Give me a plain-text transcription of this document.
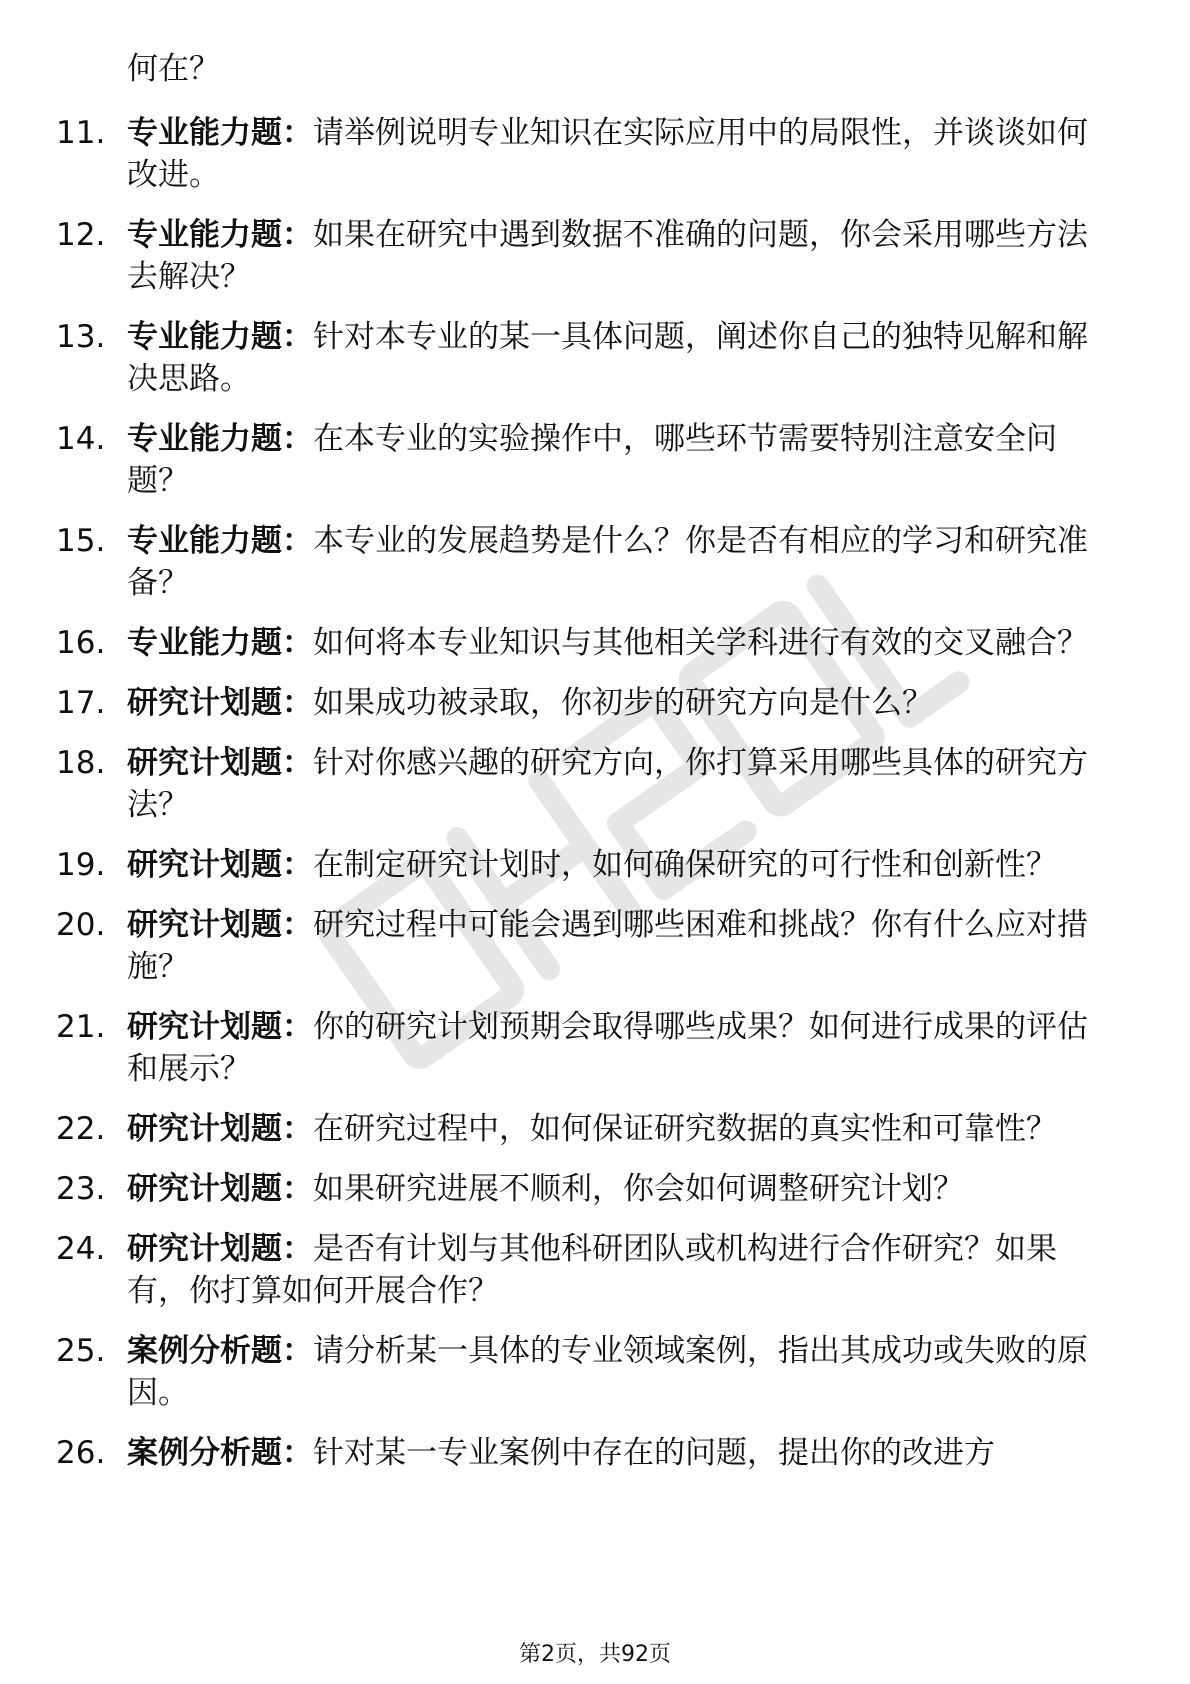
何在？

11. 专业能力题：请举例说明专业知识在实际应用中的局限性，并谈谈如何改进。
12. 专业能力题：如果在研究中遇到数据不准确的问题，你会采用哪些方法去解决？
13. 专业能力题：针对本专业的某一具体问题，阐述你自己的独特见解和解决思路。
14. 专业能力题：在本专业的实验操作中，哪些环节需要特别注意安全问题？
15. 专业能力题：本专业的发展趋势是什么？你是否有相应的学习和研究准备？
16. 专业能力题：如何将本专业知识与其他相关学科进行有效的交叉融合？
17. 研究计划题：如果成功被录取，你初步的研究方向是什么？
18. 研究计划题：针对你感兴趣的研究方向，你打算采用哪些具体的研究方法？
19. 研究计划题：在制定研究计划时，如何确保研究的可行性和创新性？
20. 研究计划题：研究过程中可能会遇到哪些困难和挑战？你有什么应对措施？
21. 研究计划题：你的研究计划预期会取得哪些成果？如何进行成果的评估和展示？
22. 研究计划题：在研究过程中，如何保证研究数据的真实性和可靠性？
23. 研究计划题：如果研究进展不顺利，你会如何调整研究计划？
24. 研究计划题：是否有计划与其他科研团队或机构进行合作研究？如果有，你打算如何开展合作？
25. 案例分析题：请分析某一具体的专业领域案例，指出其成功或失败的原因。
26. 案例分析题：针对某一专业案例中存在的问题，提出你的改进方

第2页，共92页
